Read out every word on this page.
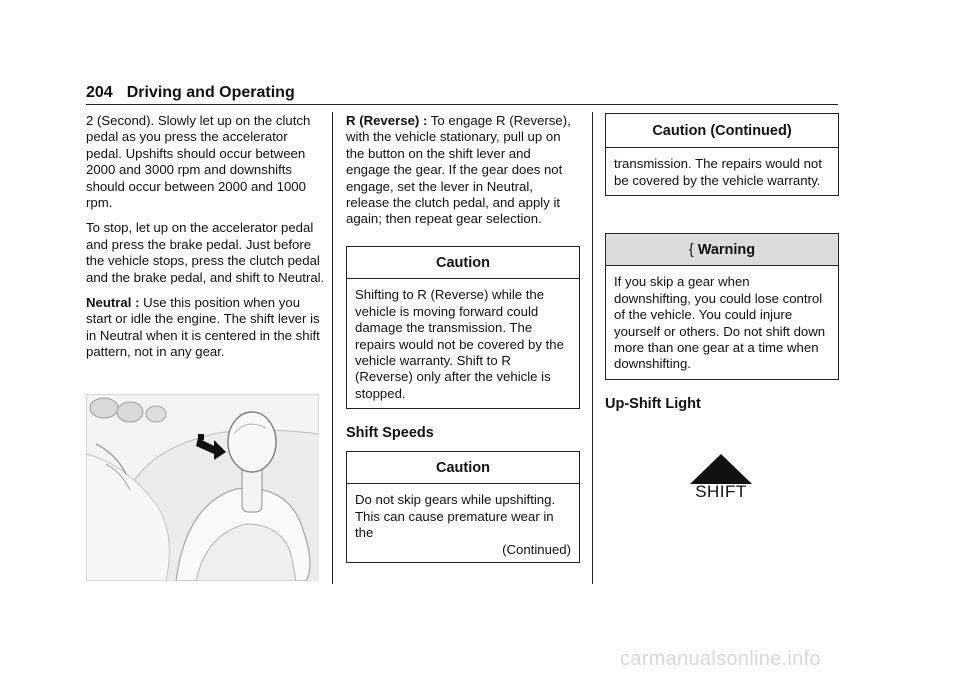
204 Driving and Operating

2 (Second). Slowly let up on the clutch pedal as you press the accelerator pedal. Upshifts should occur between 2000 and 3000 rpm and downshifts should occur between 2000 and 1000 rpm.

To stop, let up on the accelerator pedal and press the brake pedal. Just before the vehicle stops, press the clutch pedal and the brake pedal, and shift to Neutral.

Neutral : Use this position when you start or idle the engine. The shift lever is in Neutral when it is centered in the shift pattern, not in any gear.

R (Reverse) : To engage R (Reverse), with the vehicle stationary, pull up on the button on the shift lever and engage the gear. If the gear does not engage, set the lever in Neutral, release the clutch pedal, and apply it again; then repeat gear selection.

Caution
Shifting to R (Reverse) while the vehicle is moving forward could damage the transmission. The repairs would not be covered by the vehicle warranty. Shift to R (Reverse) only after the vehicle is stopped.
Shift Speeds
Caution
Do not skip gears while upshifting. This can cause premature wear in the
(Continued)
Caution (Continued)
transmission. The repairs would not be covered by the vehicle warranty.
{ Warning
If you skip a gear when downshifting, you could lose control of the vehicle. You could injure yourself or others. Do not shift down more than one gear at a time when downshifting.
Up-Shift Light
SHIFT
carmanualsonline.info
